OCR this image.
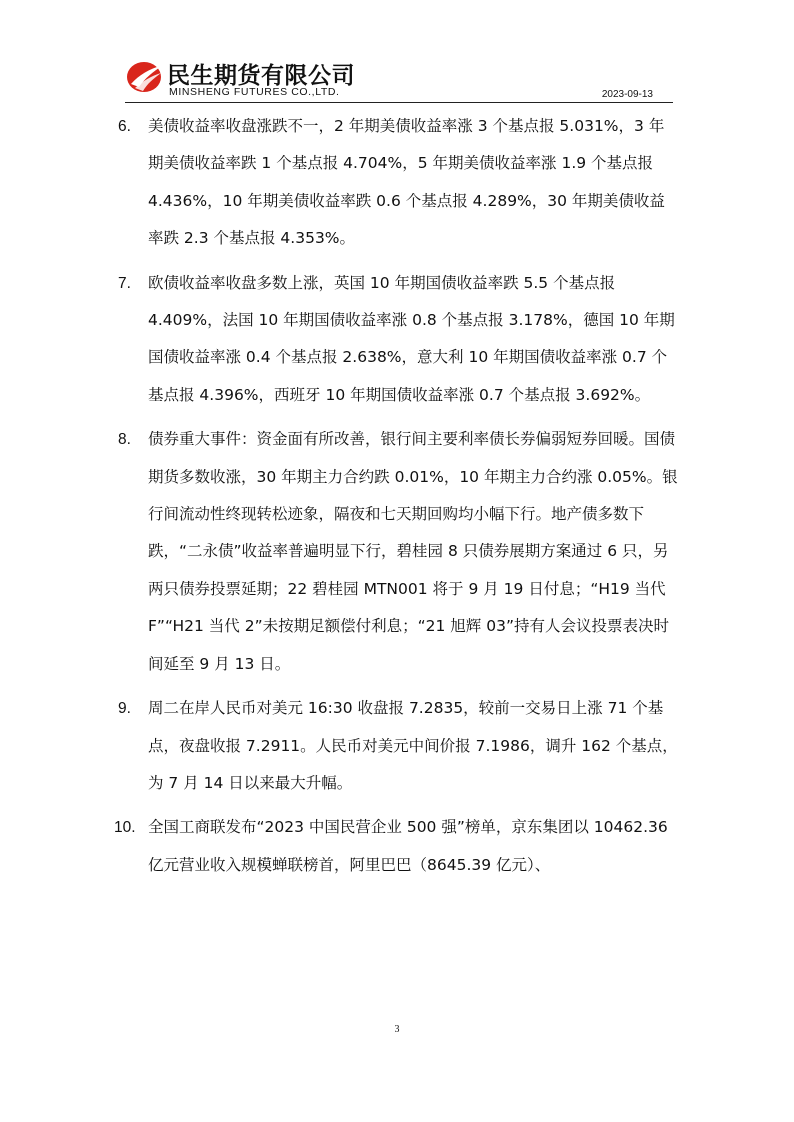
民生期货有限公司
MINSHENG FUTURES CO.,LTD.	2023-09-13
6. 美债收益率收盘涨跌不一，2 年期美债收益率涨 3 个基点报 5.031%，3 年期美债收益率跌 1 个基点报 4.704%，5 年期美债收益率涨 1.9 个基点报 4.436%，10 年期美债收益率跌 0.6 个基点报 4.289%，30 年期美债收益率跌 2.3 个基点报 4.353%。
7. 欧债收益率收盘多数上涨，英国 10 年期国债收益率跌 5.5 个基点报 4.409%，法国 10 年期国债收益率涨 0.8 个基点报 3.178%，德国 10 年期国债收益率涨 0.4 个基点报 2.638%，意大利 10 年期国债收益率涨 0.7 个基点报 4.396%，西班牙 10 年期国债收益率涨 0.7 个基点报 3.692%。
8. 债券重大事件：资金面有所改善，银行间主要利率债长券偏弱短券回暖。国债期货多数收涨，30 年期主力合约跌 0.01%，10 年期主力合约涨 0.05%。银行间流动性终现转松迹象，隔夜和七天期回购均小幅下行。地产债多数下跌，“二永债”收益率普遍明显下行，碧桂园 8 只债券展期方案通过 6 只，另两只债券投票延期；22 碧桂园 MTN001 将于 9 月 19 日付息；“H19 当代 F”“H21 当代 2”未按期足额偿付利息；“21 旭辉 03”持有人会议投票表决时间延至 9 月 13 日。
9. 周二在岸人民币对美元 16:30 收盘报 7.2835，较前一交易日上涨 71 个基点，夜盘收报 7.2911。人民币对美元中间价报 7.1986，调升 162 个基点，为 7 月 14 日以来最大升幅。
10. 全国工商联发布“2023 中国民营企业 500 强”榜单，京东集团以 10462.36 亿元营业收入规模蝉联榜首，阿里巴巴（8645.39 亿元）、
3
